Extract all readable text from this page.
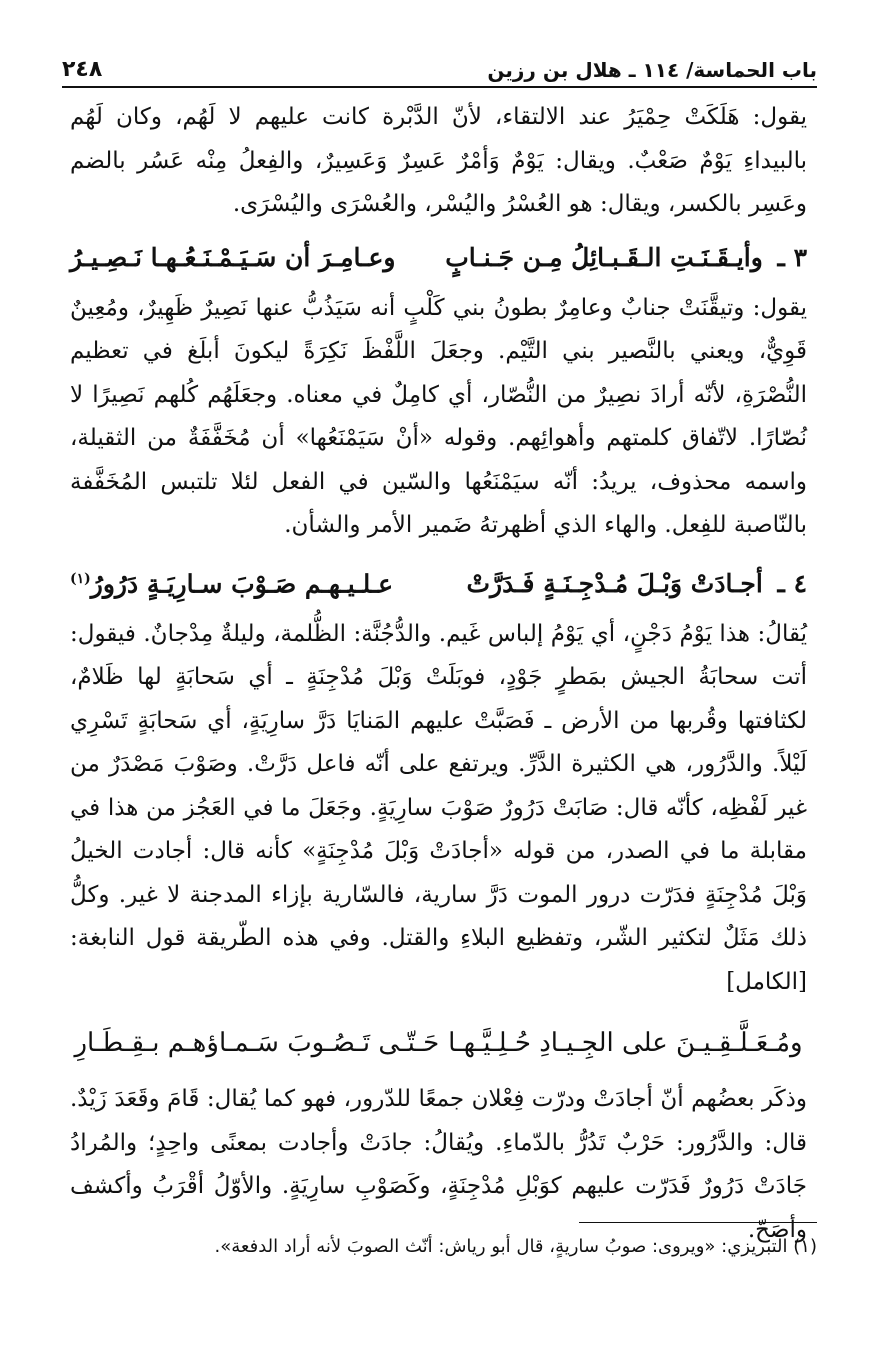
باب الحماسة/ ١١٤ ـ هلال بن رزين
٢٤٨

يقول: هَلَكَتْ حِمْيَرُ عند الالتقاء، لأنّ الدَّبْرة كانت عليهم لا لَهُم، وكان لَهُم بالبيداءِ يَوْمٌ صَعْبٌ. ويقال: يَوْمٌ وَأمْرٌ عَسِرٌ وَعَسِيرٌ، والفِعلُ مِنْه عَسُر بالضم وعَسِر بالكسر، ويقال: هو العُسْرُ واليُسْر، والعُسْرَى واليُسْرَى.

٣ ـ وأيـقَـنَـتِ الـقَـبـائِلُ مِـن جَـنـابٍ
وعـامِـرَ أن سَـيَـمْـنَـعُـهـا نَـصِـيـرُ

يقول: وتيقَّنَتْ جنابٌ وعامِرٌ بطونُ بني كَلْبٍ أنه سَيَذُبُّ عنها نَصِيرٌ ظَهِيرٌ، ومُعِينٌ قَوِيٌّ، ويعني بالنَّصير بني التَّيْم. وجعَلَ اللَّفْظَ نَكِرَةً ليكونَ أبلَغ في تعظيم النُّصْرَةِ، لأنّه أرادَ نصِيرٌ من النُّصّار، أي كامِلٌ في معناه. وجعَلَهُم كُلهم نَصِيرًا لا نُصّارًا. لاتّفاق كلمتهم وأهوائِهم. وقوله «أنْ سَيَمْنَعُها» أن مُخَفَّفَةٌ من الثقيلة، واسمه محذوف، يريدُ: أنّه سيَمْنَعُها والسّين في الفعل لئلا تلتبس المُخَفَّفة بالنّاصبة للفِعل. والهاء الذي أظهرتهُ ضَمير الأمر والشأن.

٤ ـ أجـادَتْ وَبْـلَ مُـدْجِـنَـةٍ فَـدَرَّتْ
عـلـيـهـم صَـوْبَ سـارِيَـةٍ دَرُورُ$^{(١)}$

يُقالُ: هذا يَوْمُ دَجْنٍ، أي يَوْمُ إلباس غَيم. والدُّجُنَّة: الظُّلمة، وليلةٌ مِدْجانٌ. فيقول: أتت سحابَةُ الجيش بمَطرٍ جَوْدٍ، فوبَلَتْ وَبْلَ مُدْجِنَةٍ ـ أي سَحابَةٍ لها ظَلامٌ، لكثافتها وقُربها من الأرض ـ فَصَبَّتْ عليهم المَنايَا دَرَّ سارِيَةٍ، أي سَحابَةٍ تَسْرِي لَيْلاً. والدَّرُور، هي الكثيرة الدَّرِّ. ويرتفع على أنّه فاعل دَرَّتْ. وصَوْبَ مَصْدَرٌ من غير لَفْظِه، كأنّه قال: صَابَتْ دَرُورٌ صَوْبَ سارِيَةٍ. وجَعَلَ ما في العَجُز من هذا في مقابلة ما في الصدر، من قوله «أجادَتْ وَبْلَ مُدْجِنَةٍ» كأنه قال: أجادت الخيلُ وَبْلَ مُدْجِنَةٍ فدَرّت درور الموت دَرَّ سارية، فالسّارية بإزاء المدجنة لا غير. وكلُّ ذلك مَثَلٌ لتكثير الشّر، وتفظيع البلاءِ والقتل. وفي هذه الطّريقة قول النابغة: [الكامل]

ومُـعَـلَّـقِـيـنَ على الجِـيـادِ حُـلِـيَّـهـا
حَـتّـى تَـصُـوبَ سَـمـاؤهـم بـقِـطَـارِ

وذكَر بعضُهم أنّ أجادَتْ ودرّت فِعْلان جمعًا للدّرور، فهو كما يُقال: قَامَ وقَعَدَ زَيْدٌ. قال: والدَّرُور: حَرْبٌ تَدُرُّ بالدّماءِ. ويُقالُ: جادَتْ وأجادت بمعنًى واحِدٍ؛ والمُرادُ جَادَتْ دَرُورٌ فَدَرّت عليهم كوَبْلِ مُدْجِنَةٍ، وكَصَوْبِ سارِيَةٍ. والأوّلُ أقْرَبُ وأكشف وأصَحّ.

(١) التبريزي: «ويروى: صوبُ ساريةٍ، قال أبو رياش: أنّث الصوبَ لأنه أراد الدفعة».
